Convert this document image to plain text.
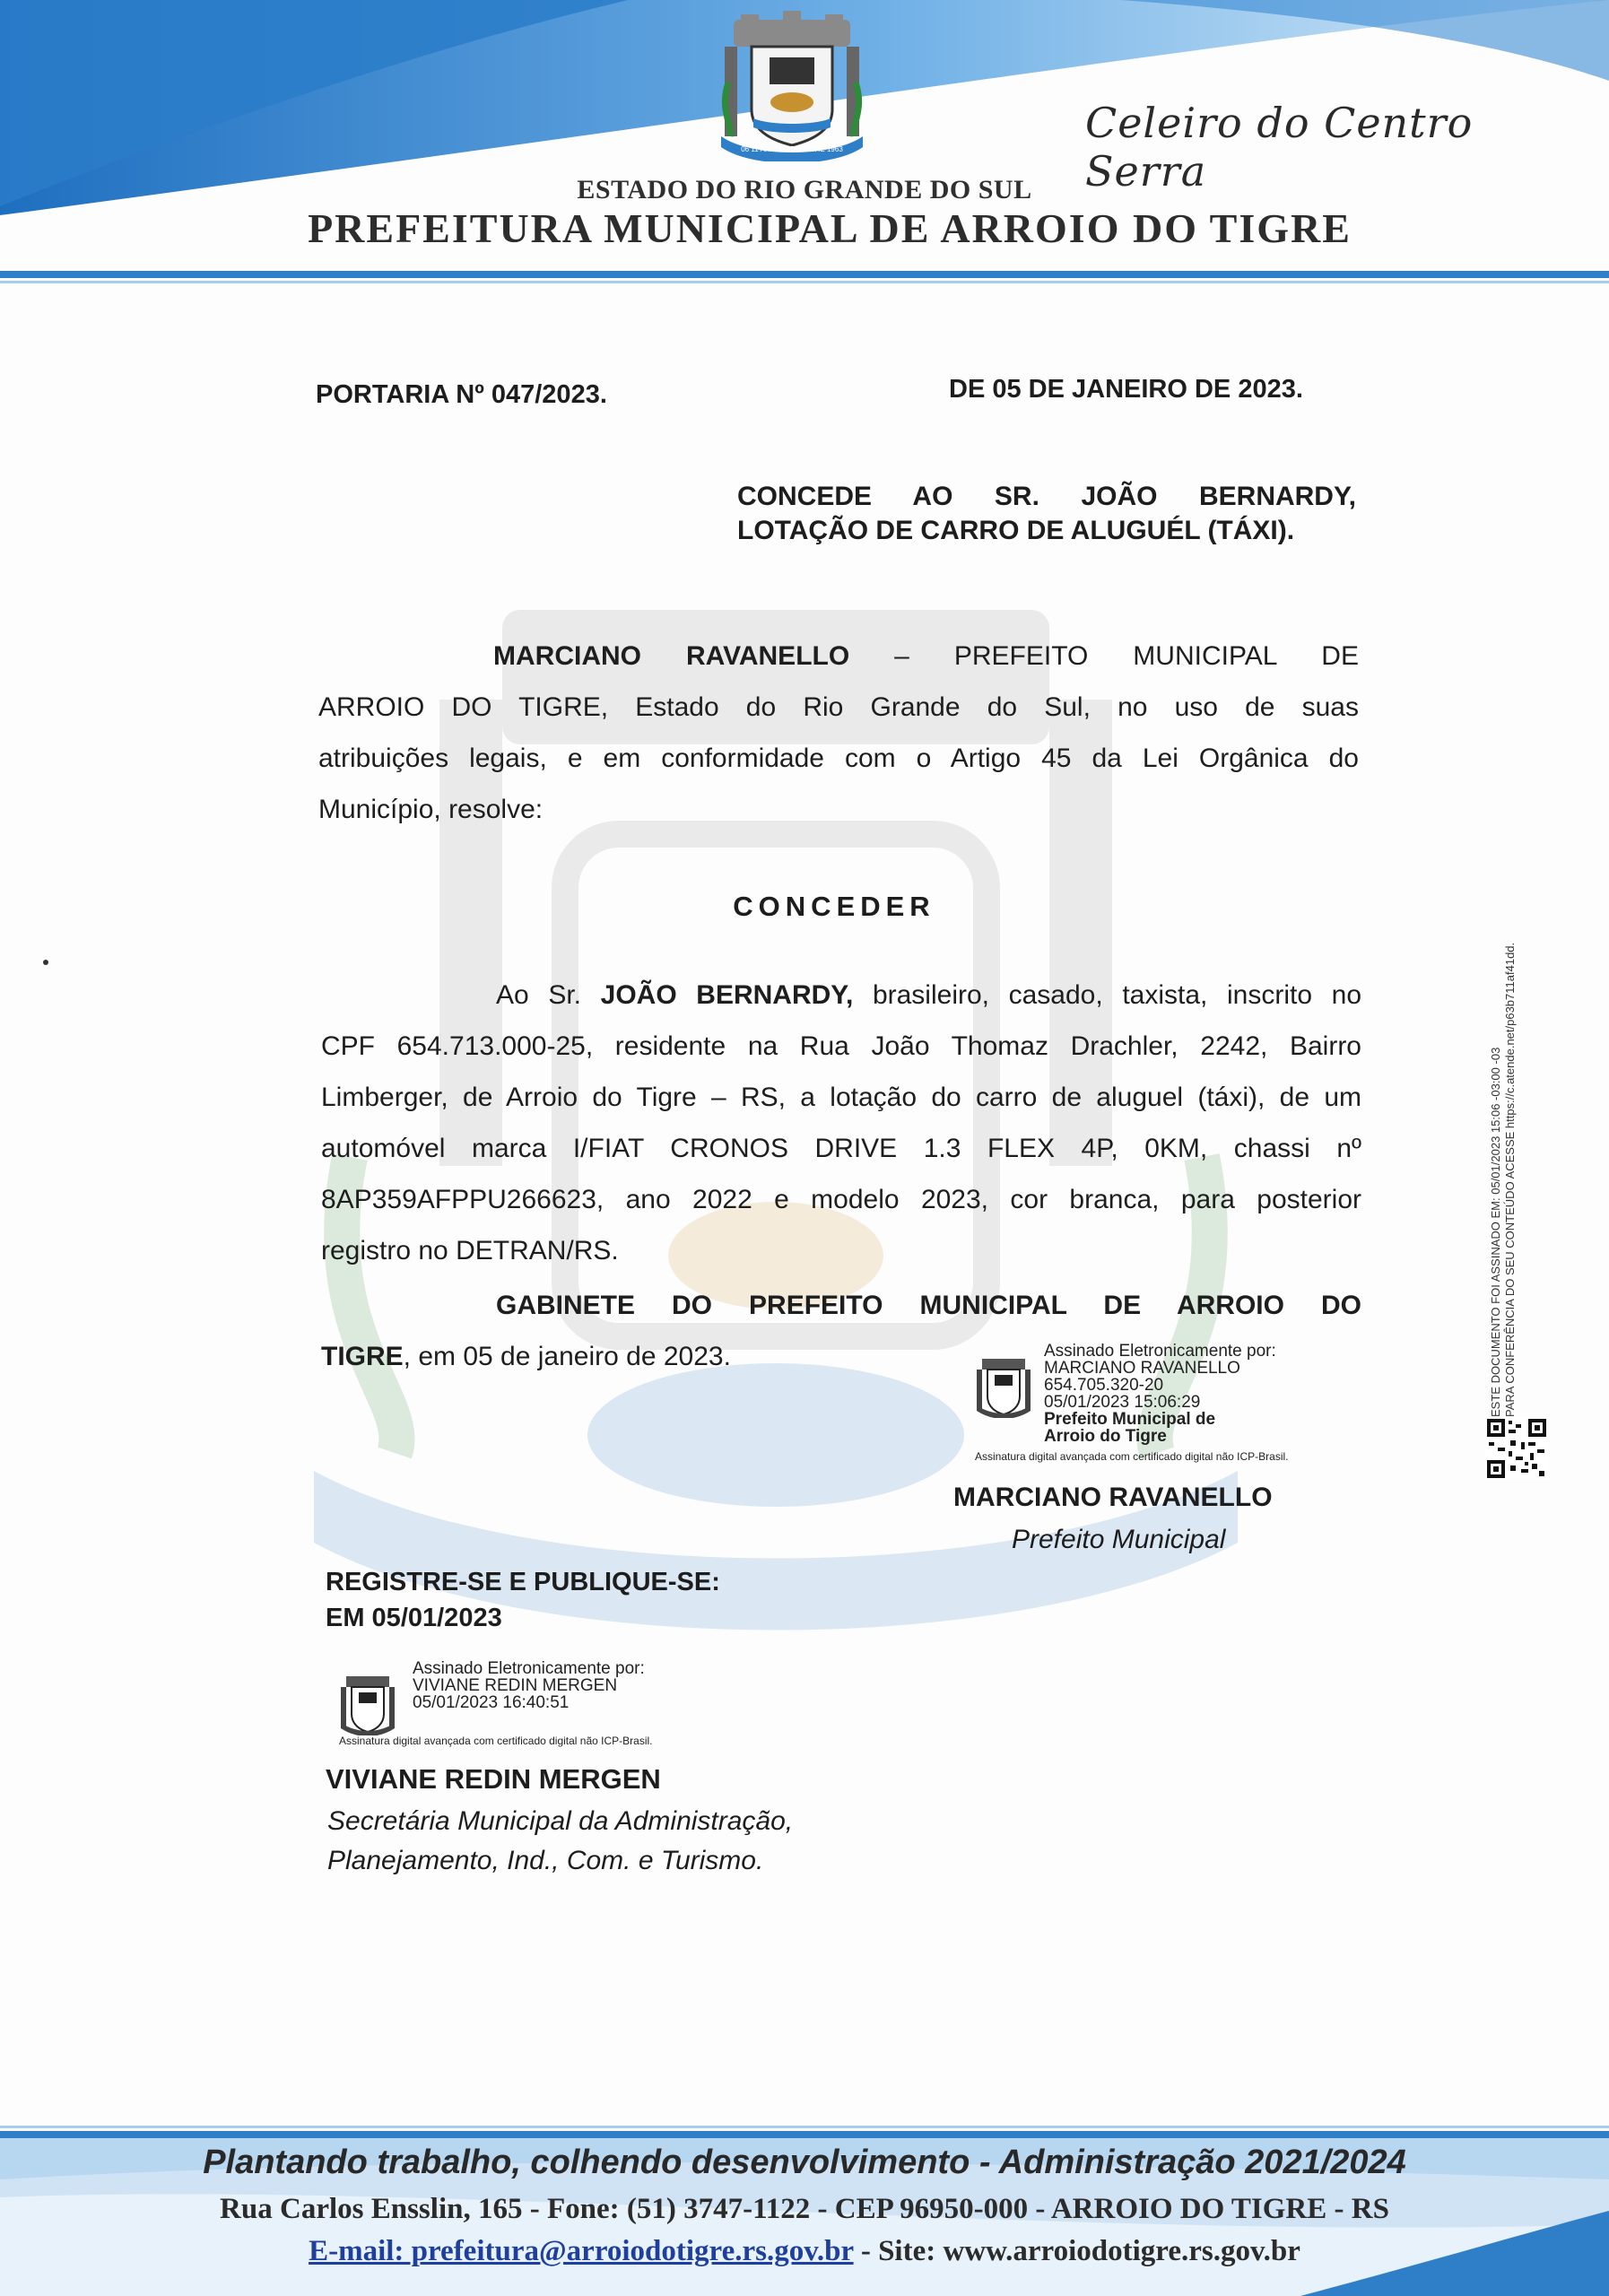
06 11 ARROIO DO TIGRE 1963
Celeiro do Centro Serra
ESTADO DO RIO GRANDE DO SUL
PREFEITURA MUNICIPAL DE ARROIO DO TIGRE
PORTARIA Nº 047/2023.	DE 05 DE JANEIRO DE 2023.
CONCEDE AO SR. JOÃO BERNARDY, LOTAÇÃO DE CARRO DE ALUGUÉL (TÁXI).
MARCIANO RAVANELLO – PREFEITO MUNICIPAL DE
ARROIO DO TIGRE, Estado do Rio Grande do Sul, no uso de suas
atribuições legais, e em conformidade com o Artigo 45 da Lei Orgânica do
Município, resolve:
CONCEDER
Ao Sr. JOÃO BERNARDY, brasileiro, casado, taxista, inscrito no
CPF 654.713.000-25, residente na Rua João Thomaz Drachler, 2242, Bairro
Limberger, de Arroio do Tigre – RS, a lotação do carro de aluguel (táxi), de um
automóvel marca I/FIAT CRONOS DRIVE 1.3 FLEX 4P, 0KM, chassi nº
8AP359AFPPU266623, ano 2022 e modelo 2023, cor branca, para posterior
registro no DETRAN/RS.
GABINETE DO PREFEITO MUNICIPAL DE ARROIO DO
TIGRE, em 05 de janeiro de 2023.	Assinado Eletronicamente por:
MARCIANO RAVANELLO
654.705.320-20
05/01/2023 15:06:29
Prefeito Municipal de
Arroio do Tigre
Assinatura digital avançada com certificado digital não ICP-Brasil.
MARCIANO RAVANELLO
Prefeito Municipal
REGISTRE-SE E PUBLIQUE-SE:
EM 05/01/2023
Assinado Eletronicamente por:
VIVIANE REDIN MERGEN
05/01/2023 16:40:51
Assinatura digital avançada com certificado digital não ICP-Brasil.
VIVIANE REDIN MERGEN
Secretária Municipal da Administração,
Planejamento, Ind., Com. e Turismo.
ESTE DOCUMENTO FOI ASSINADO EM: 05/01/2023 15:06 -03:00 -03 PARA CONFERÊNCIA DO SEU CONTEÚDO ACESSE https://c.atende.net/p63b711af41dd.
Plantando trabalho, colhendo desenvolvimento - Administração 2021/2024
Rua Carlos Ensslin, 165 - Fone: (51) 3747-1122 - CEP 96950-000 - ARROIO DO TIGRE - RS
E-mail: prefeitura@arroiodotigre.rs.gov.br - Site: www.arroiodotigre.rs.gov.br
